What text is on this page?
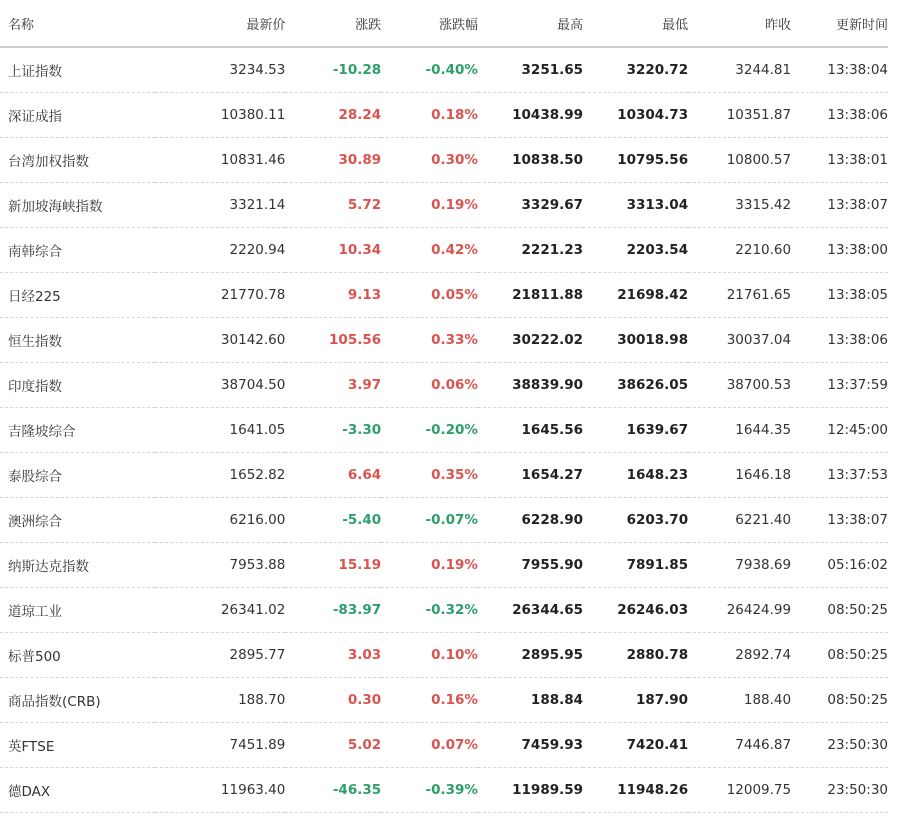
名称	最新价	涨跌	涨跌幅	最高	最低	昨收	更新时间
上证指数	3234.53	-10.28	-0.40%	3251.65	3220.72	3244.81	13:38:04
深证成指	10380.11	28.24	0.18%	10438.99	10304.73	10351.87	13:38:06
台湾加权指数	10831.46	30.89	0.30%	10838.50	10795.56	10800.57	13:38:01
新加坡海峡指数	3321.14	5.72	0.19%	3329.67	3313.04	3315.42	13:38:07
南韩综合	2220.94	10.34	0.42%	2221.23	2203.54	2210.60	13:38:00
日经225	21770.78	9.13	0.05%	21811.88	21698.42	21761.65	13:38:05
恒生指数	30142.60	105.56	0.33%	30222.02	30018.98	30037.04	13:38:06
印度指数	38704.50	3.97	0.06%	38839.90	38626.05	38700.53	13:37:59
吉隆坡综合	1641.05	-3.30	-0.20%	1645.56	1639.67	1644.35	12:45:00
泰股综合	1652.82	6.64	0.35%	1654.27	1648.23	1646.18	13:37:53
澳洲综合	6216.00	-5.40	-0.07%	6228.90	6203.70	6221.40	13:38:07
纳斯达克指数	7953.88	15.19	0.19%	7955.90	7891.85	7938.69	05:16:02
道琼工业	26341.02	-83.97	-0.32%	26344.65	26246.03	26424.99	08:50:25
标普500	2895.77	3.03	0.10%	2895.95	2880.78	2892.74	08:50:25
商品指数(CRB)	188.70	0.30	0.16%	188.84	187.90	188.40	08:50:25
英FTSE	7451.89	5.02	0.07%	7459.93	7420.41	7446.87	23:50:30
德DAX	11963.40	-46.35	-0.39%	11989.59	11948.26	12009.75	23:50:30
